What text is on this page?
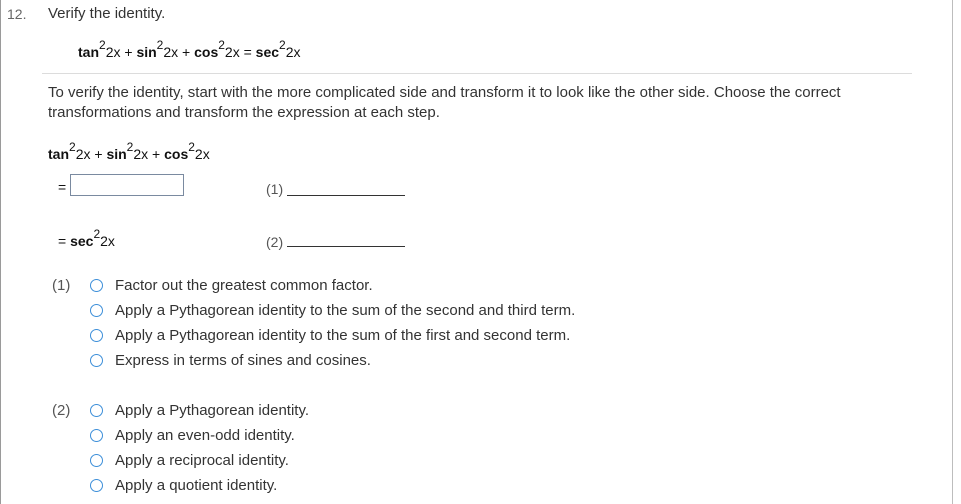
12. Verify the identity.
$\tan^22x + \sin^22x + \cos^22x = \sec^22x$
To verify the identity, start with the more complicated side and transform it to look like the other side. Choose the correct transformations and transform the expression at each step.
$\tan^22x + \sin^22x + \cos^22x$
=	(1)
= $\sec^22x$	(2)
(1)	Factor out the greatest common factor.
Apply a Pythagorean identity to the sum of the second and third term.
Apply a Pythagorean identity to the sum of the first and second term.
Express in terms of sines and cosines.
(2)	Apply a Pythagorean identity.
Apply an even-odd identity.
Apply a reciprocal identity.
Apply a quotient identity.
